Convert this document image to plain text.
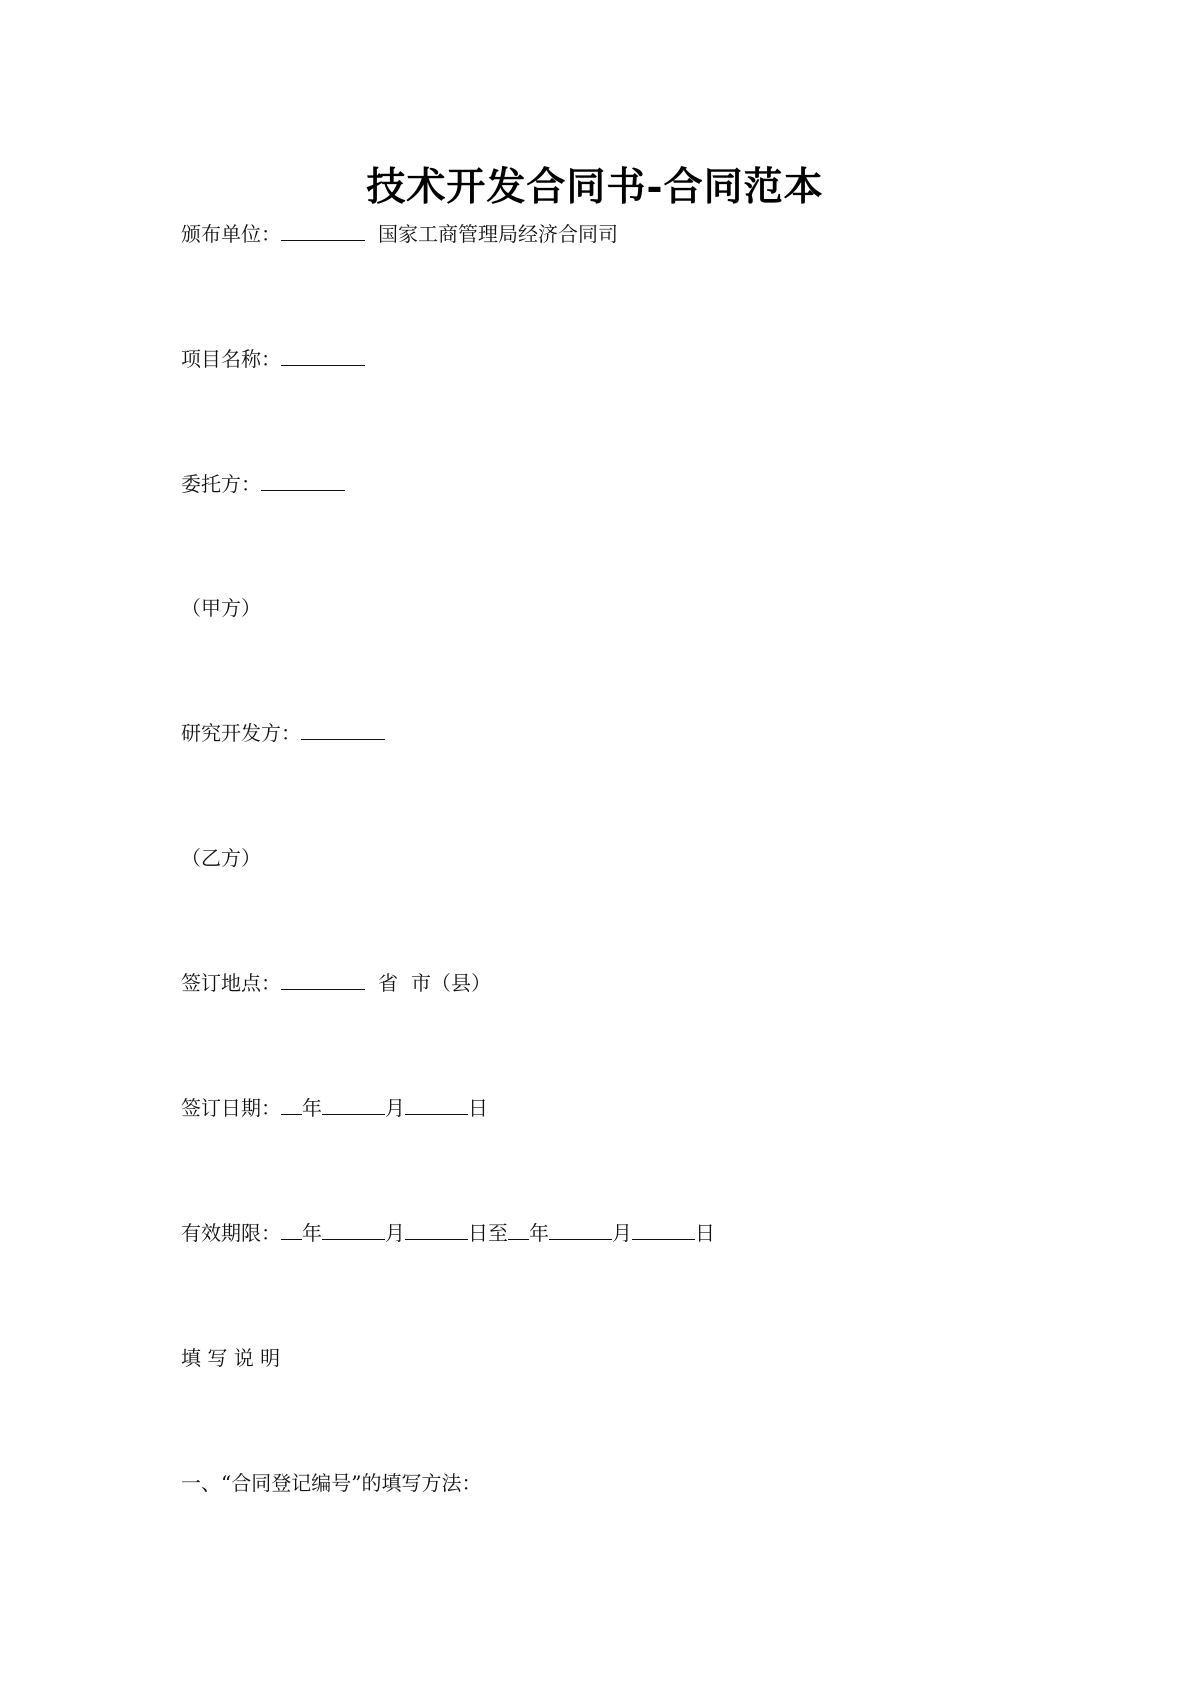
技术开发合同书-合同范本
颁布单位：	国家工商管理局经济合同司
项目名称：
委托方：
（甲方）
研究开发方：
（乙方）
签订地点：	省 市（县）
签订日期： 年	月	日
有效期限： 年	月	日至 年	月	日
填 写 说 明
一、“合同登记编号”的填写方法：
